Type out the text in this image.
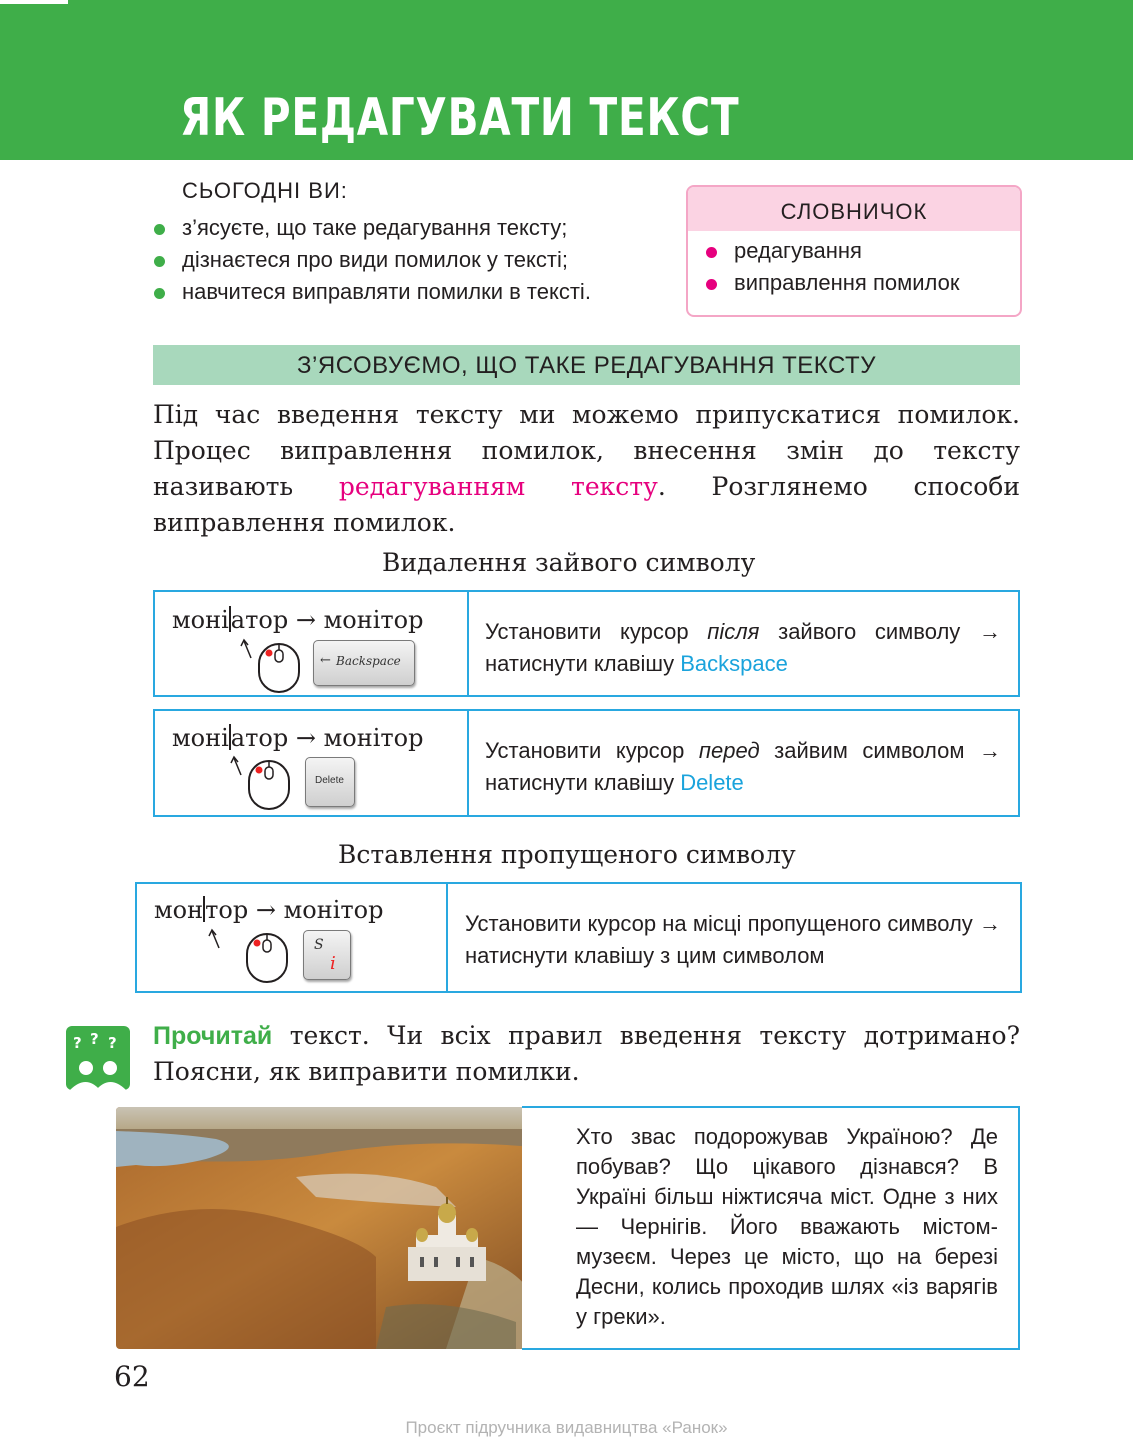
ЯК РЕДАГУВАТИ ТЕКСТ
СЬОГОДНІ ВИ:
з’ясуєте, що таке редагування тексту;
дізнаєтеся про види помилок у тексті;
навчитеся виправляти помилки в тексті.
СЛОВНИЧОК
редагування
виправлення помилок
З’ЯСОВУЄМО, ЩО ТАКЕ РЕДАГУВАННЯ ТЕКСТУ

Під час введення тексту ми можемо припускатися помилок. Процес виправлення помилок, внесення змін до тексту називають редагуванням тексту. Розглянемо способи виправлення помилок.

Видалення зайвого символу
моніатор → монітор
← Backspace
Установити курсор після зайвого символу → натиснути клавішу Backspace
моніатор → монітор
Delete
Установити курсор перед зайвим символом → натиснути клавішу Delete
Вставлення пропущеного символу
монтор → монітор
S
і
Установити курсор на місці пропущеного символу → натиснути клавішу з цим символом
? ? ? Прочитай текст. Чи всіх правил введення тексту дотримано? Поясни, як виправити помилки.

Хто звас подорожував Україною? Де побував? Що цікавого дізнався? В Україні більш ніжтисяча міст. Одне з них — Чернігів. Його вважають містом-музеєм. Через це місто, що на березі Десни, колись проходив шлях «із варягів у греки».

62
Проєкт підручника видавництва «Ранок»
